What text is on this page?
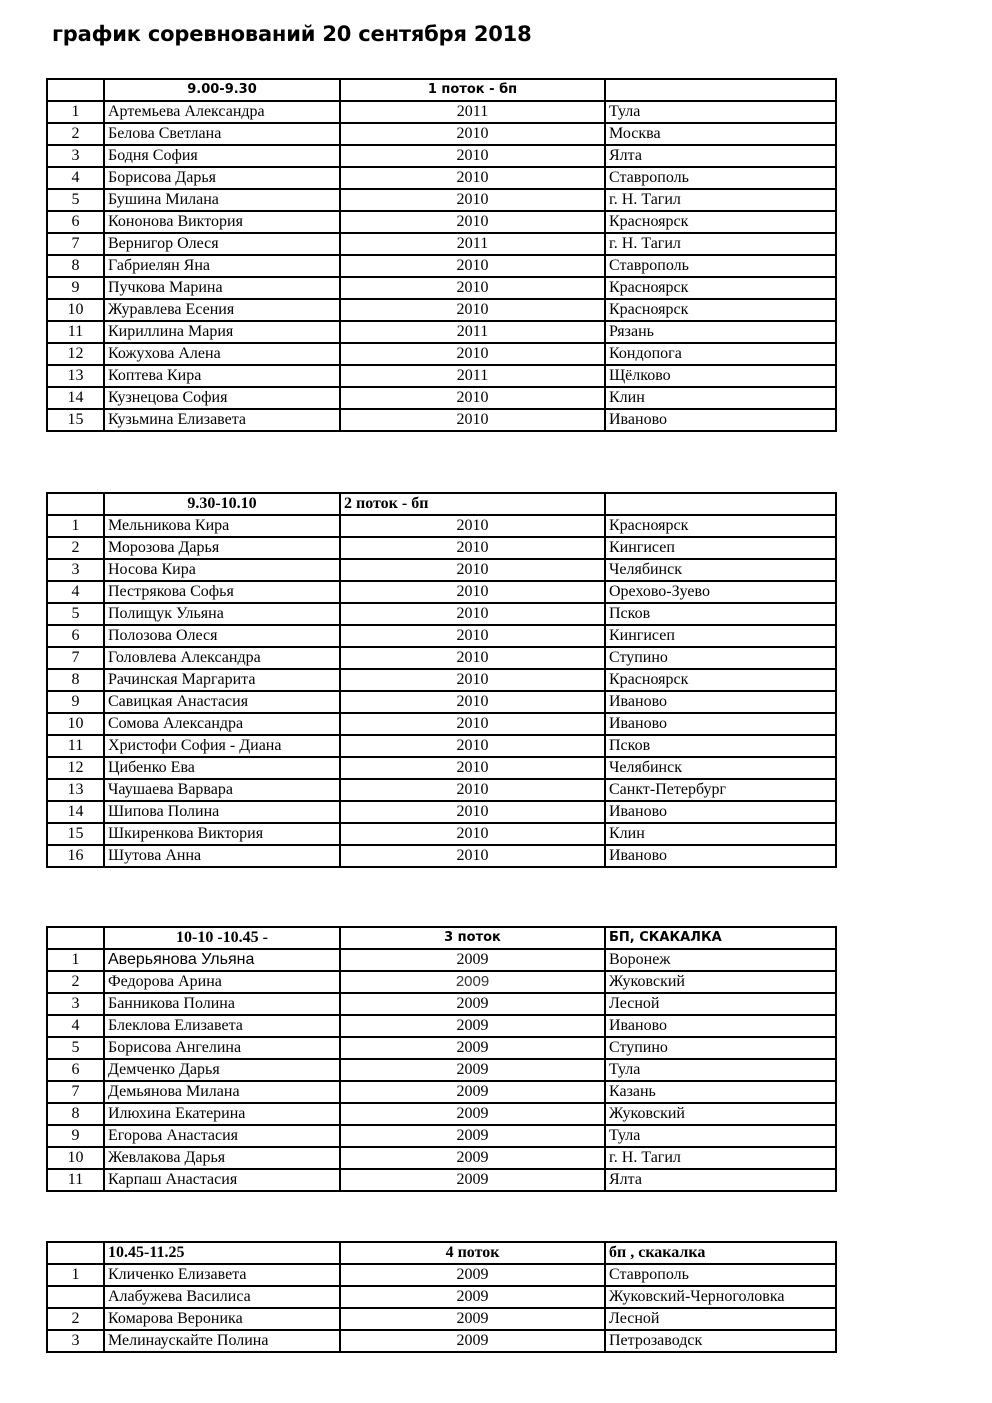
график соревнований 20 сентября 2018
	9.00-9.30	1 поток - бп	
1	Артемьева Александра	2011	Тула
2	Белова Светлана	2010	Москва
3	Бодня София	2010	Ялта
4	Борисова Дарья	2010	Ставрополь
5	Бушина Милана	2010	г. Н. Тагил
6	Кононова Виктория	2010	Красноярск
7	Вернигор Олеся	2011	г. Н. Тагил
8	Габриелян Яна	2010	Ставрополь
9	Пучкова Марина	2010	Красноярск
10	Журавлева Есения	2010	Красноярск
11	Кириллина Мария	2011	Рязань
12	Кожухова Алена	2010	Кондопога
13	Коптева Кира	2011	Щёлково
14	Кузнецова София	2010	Клин
15	Кузьмина Елизавета	2010	Иваново
	9.30-10.10	2 поток - бп	
1	Мельникова Кира	2010	Красноярск
2	Морозова Дарья	2010	Кингисеп
3	Носова Кира	2010	Челябинск
4	Пестрякова Софья	2010	Орехово-Зуево
5	Полищук Ульяна	2010	Псков
6	Полозова Олеся	2010	Кингисеп
7	Головлева Александра	2010	Ступино
8	Рачинская Маргарита	2010	Красноярск
9	Савицкая Анастасия	2010	Иваново
10	Сомова Александра	2010	Иваново
11	Христофи София - Диана	2010	Псков
12	Цибенко Ева	2010	Челябинск
13	Чаушаева Варвара	2010	Санкт-Петербург
14	Шипова Полина	2010	Иваново
15	Шкиренкова Виктория	2010	Клин
16	Шутова Анна	2010	Иваново
	10-10 -10.45 -	3 поток	БП, СКАКАЛКА
1	Аверьянова Ульяна	2009	Воронеж
2	Федорова Арина	2009	Жуковский
3	Банникова Полина	2009	Лесной
4	Блеклова Елизавета	2009	Иваново
5	Борисова Ангелина	2009	Ступино
6	Демченко Дарья	2009	Тула
7	Демьянова Милана	2009	Казань
8	Илюхина Екатерина	2009	Жуковский
9	Егорова Анастасия	2009	Тула
10	Жевлакова Дарья	2009	г. Н. Тагил
11	Карпаш Анастасия	2009	Ялта
	10.45-11.25	4 поток	бп , скакалка
1	Кличенко Елизавета	2009	Ставрополь
	Алабужева Василиса	2009	Жуковский-Черноголовка
2	Комарова Вероника	2009	Лесной
3	Мелинаускайте Полина	2009	Петрозаводск
